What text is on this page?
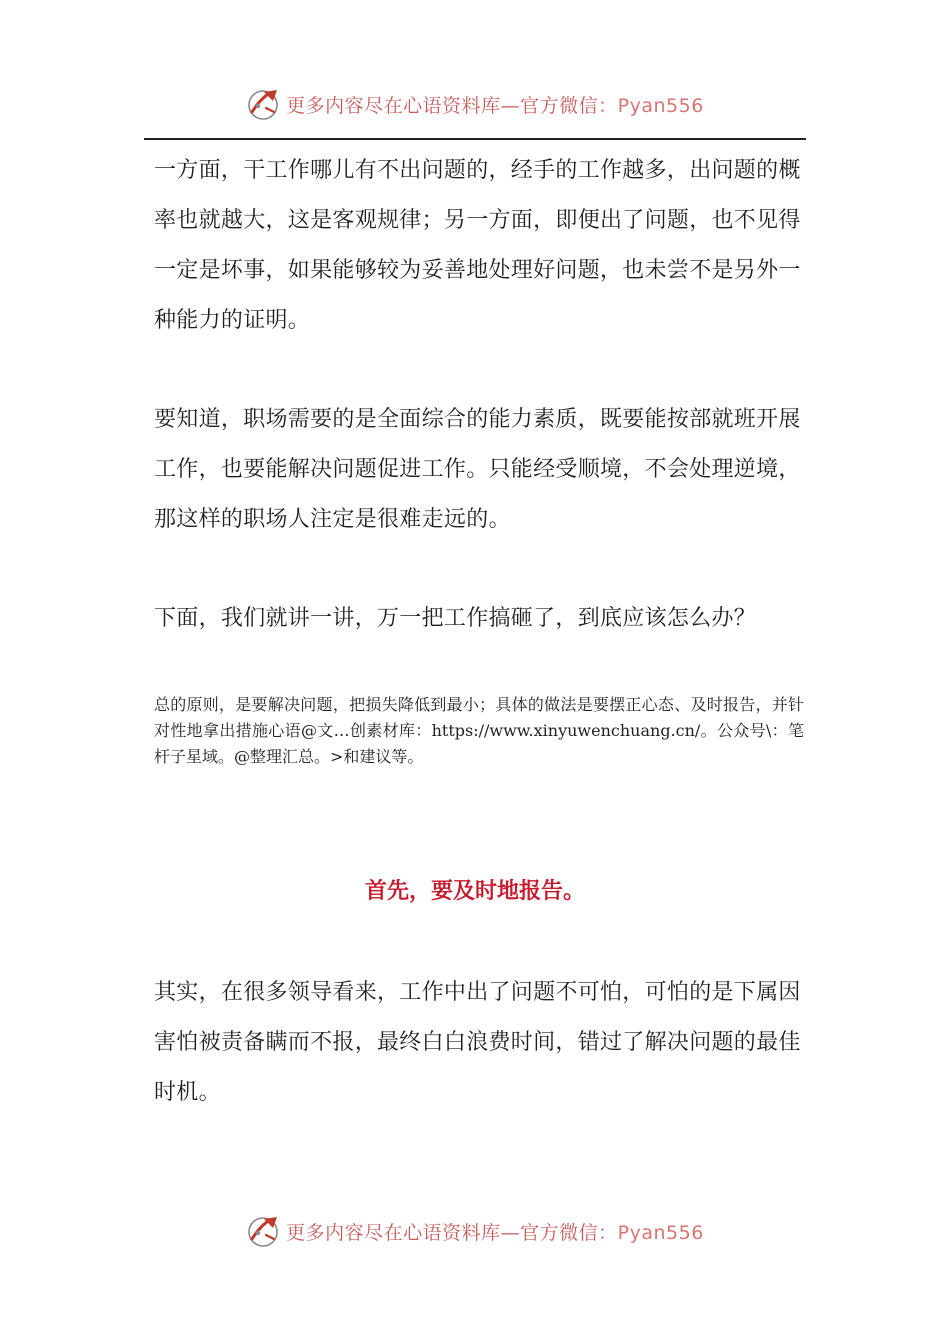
更多内容尽在心语资料库—官方微信：Pyan556

一方面，干工作哪儿有不出问题的，经手的工作越多，出问题的概率也就越大，这是客观规律；另一方面，即便出了问题，也不见得一定是坏事，如果能够较为妥善地处理好问题，也未尝不是另外一种能力的证明。

要知道，职场需要的是全面综合的能力素质，既要能按部就班开展工作，也要能解决问题促进工作。只能经受顺境，不会处理逆境，那这样的职场人注定是很难走远的。

下面，我们就讲一讲，万一把工作搞砸了，到底应该怎么办？

总的原则，是要解决问题，把损失降低到最小；具体的做法是要摆正心态、及时报告，并针对性地拿出措施心语@文…创素材库：https://www.xinyuwenchuang.cn/。公众号\：笔杆子星域。@整理汇总。>和建议等。

首先，要及时地报告。

其实，在很多领导看来，工作中出了问题不可怕，可怕的是下属因害怕被责备瞒而不报，最终白白浪费时间，错过了解决问题的最佳时机。

更多内容尽在心语资料库—官方微信：Pyan556
